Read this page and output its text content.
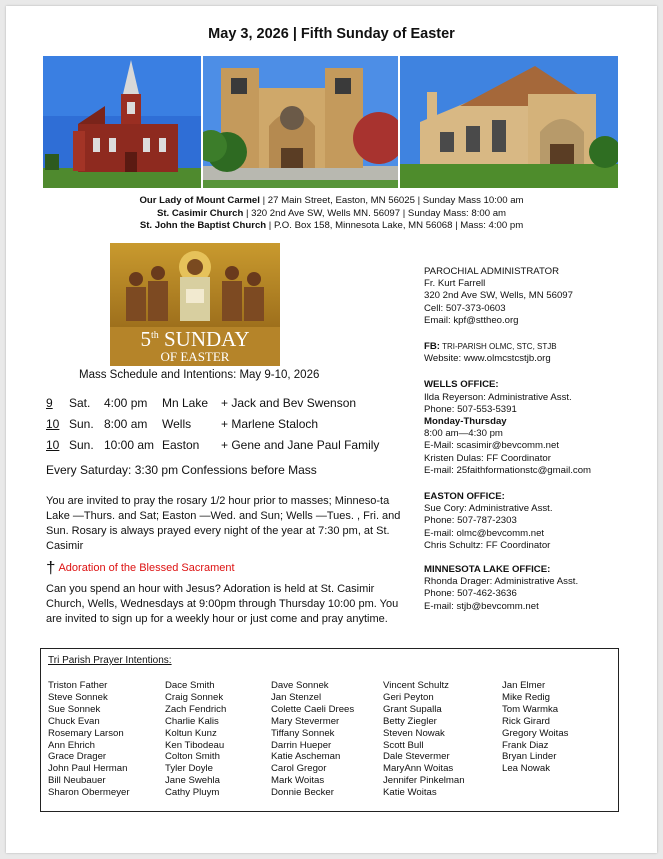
May 3, 2026 | Fifth Sunday of Easter
Our Lady of Mount Carmel | 27 Main Street, Easton, MN 56025 | Sunday Mass 10:00 am
St. Casimir Church | 320 2nd Ave SW, Wells MN. 56097 | Sunday Mass: 8:00 am
St. John the Baptist Church | P.O. Box 158, Minnesota Lake, MN 56068 | Mass: 4:00 pm
5th SUNDAY
OF EASTER
Mass Schedule and Intentions: May 9-10, 2026
9 Sat. 4:00 pm Mn Lake + Jack and Bev Swenson
10 Sun. 8:00 am Wells + Marlene Staloch
10 Sun. 10:00 am Easton + Gene and Jane Paul Family
Every Saturday: 3:30 pm Confessions before Mass
You are invited to pray the rosary 1/2 hour prior to masses; Minneso-ta Lake —Thurs. and Sat; Easton —Wed. and Sun; Wells —Tues. , Fri. and Sun. Rosary is always prayed every night of the year at 7:30 pm, at St. Casimir
† Adoration of the Blessed Sacrament
Can you spend an hour with Jesus? Adoration is held at St. Casimir Church, Wells, Wednesdays at 9:00pm through Thursday 10:00 pm. You are invited to sign up for a weekly hour or just come and pray anytime.
PAROCHIAL ADMINISTRATOR
Fr. Kurt Farrell
320 2nd Ave SW, Wells, MN 56097
Cell: 507-373-0603
Email: kpf@sttheo.org
FB: TRI-PARISH OLMC, STC, STJB
Website: www.olmcstcstjb.org
WELLS OFFICE:
Ilda Reyerson: Administrative Asst.
Phone: 507-553-5391
Monday-Thursday
8:00 am—4:30 pm
E-Mail: scasimir@bevcomm.net
Kristen Dulas: FF Coordinator
E-mail: 25faithformationstc@gmail.com
EASTON OFFICE:
Sue Cory: Administrative Asst.
Phone: 507-787-2303
E-mail: olmc@bevcomm.net
Chris Schultz: FF Coordinator
MINNESOTA LAKE OFFICE:
Rhonda Drager: Administrative Asst.
Phone: 507-462-3636
E-mail: stjb@bevcomm.net
Tri Parish Prayer Intentions:
Triston Father
Steve Sonnek
Sue Sonnek
Chuck Evan
Rosemary Larson
Ann Ehrich
Grace Drager
John Paul Herman
Bill Neubauer
Sharon Obermeyer
Dace Smith
Craig Sonnek
Zach Fendrich
Charlie Kalis
Koltun Kunz
Ken Tibodeau
Colton Smith
Tyler Doyle
Jane Swehla
Cathy Pluym
Dave Sonnek
Jan Stenzel
Colette Caeli Drees
Mary Stevermer
Tiffany Sonnek
Darrin Hueper
Katie Ascheman
Carol Gregor
Mark Woitas
Donnie Becker
Vincent Schultz
Geri Peyton
Grant Supalla
Betty Ziegler
Steven Nowak
Scott Bull
Dale Stevermer
MaryAnn Woitas
Jennifer Pinkelman
Katie Woitas
Jan Elmer
Mike Redig
Tom Warmka
Rick Girard
Gregory Woitas
Frank Diaz
Bryan Linder
Lea Nowak
